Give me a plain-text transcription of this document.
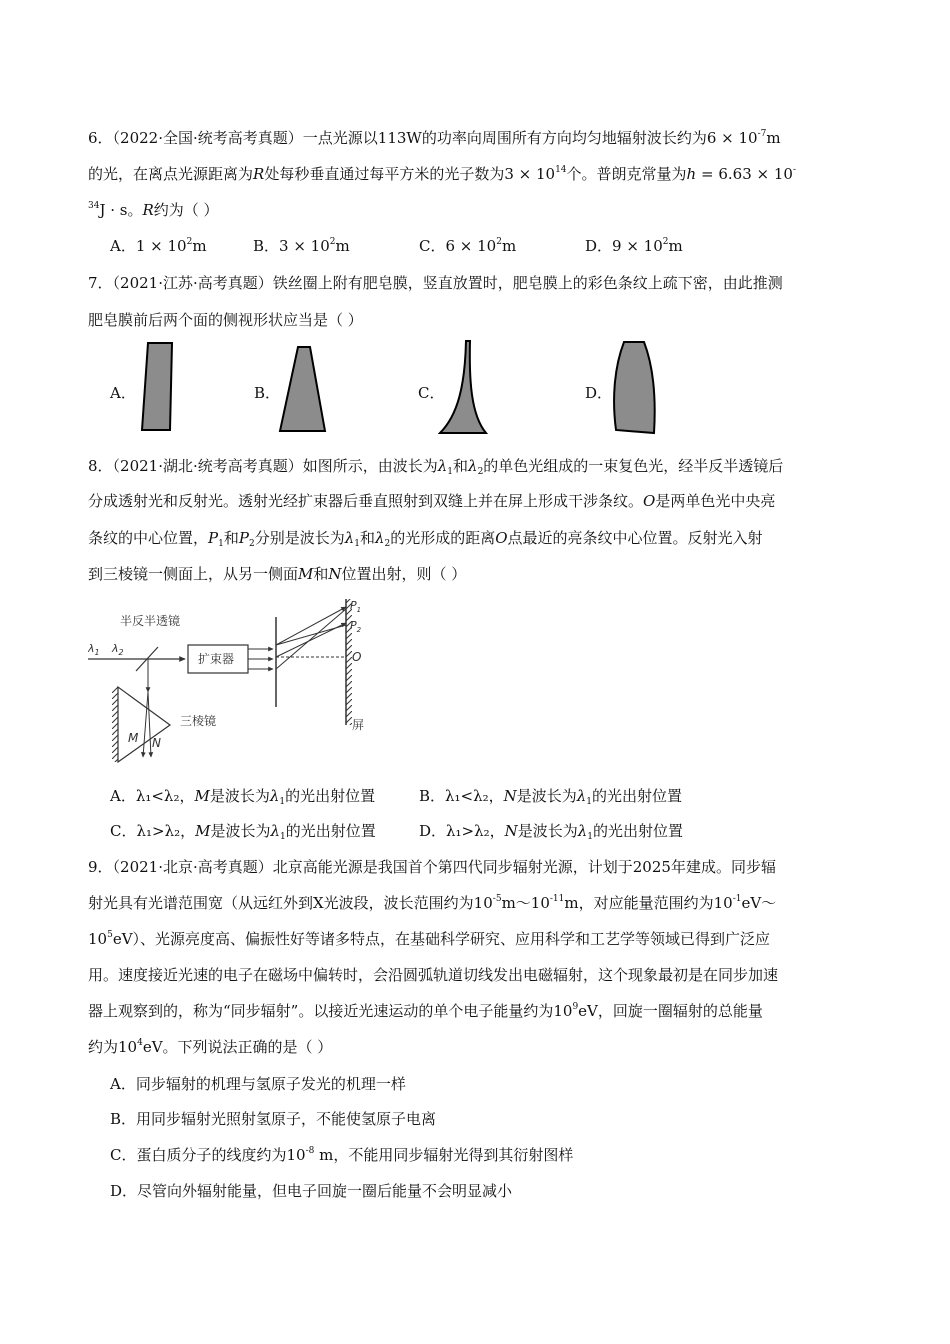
6．（2022·全国·统考高考真题）一点光源以113W的功率向周围所有方向均匀地辐射波长约为$6 \times 10^{-7}m$
的光，在离点光源距离为R处每秒垂直通过每平方米的光子数为$3 \times 10^{14}$个。普朗克常量为h = 6.63 × 10-
$^{34}$J · s。R约为（ ）
A．$1 \times 10^2m$	B．$3 \times 10^2m$	C．$6 \times 10^2m$	D．$9 \times 10^2m$
7．（2021·江苏·高考真题）铁丝圈上附有肥皂膜，竖直放置时，肥皂膜上的彩色条纹上疏下密，由此推测
肥皂膜前后两个面的侧视形状应当是（ ）
A．	B．	C．	D．
8．（2021·湖北·统考高考真题）如图所示，由波长为$\lambda_1$和$\lambda_2$的单色光组成的一束复色光，经半反半透镜后
分成透射光和反射光。透射光经扩束器后垂直照射到双缝上并在屏上形成干涉条纹。O是两单色光中央亮
条纹的中心位置，$P_1$和$P_2$分别是波长为$\lambda_1$和$\lambda_2$的光形成的距离O点最近的亮条纹中心位置。反射光入射
到三棱镜一侧面上，从另一侧面M和N位置出射，则（ ）
半反半透镜
$\lambda_1$ $\lambda_2$	扩束器
屏
$P_1$
$P_2$
O
三棱镜
M N
A．λ₁<λ₂，M是波长为$\lambda_1$的光出射位置	B．λ₁<λ₂，N是波长为$\lambda_1$的光出射位置
C．λ₁>λ₂，M是波长为$\lambda_1$的光出射位置	D．λ₁>λ₂，N是波长为$\lambda_1$的光出射位置
9．（2021·北京·高考真题）北京高能光源是我国首个第四代同步辐射光源，计划于2025年建成。同步辐
射光具有光谱范围宽（从远红外到X光波段，波长范围约为$10^{-5}m\sim 10^{-11}m$，对应能量范围约为$10^{-1}eV\sim$
$10^5eV$）、光源亮度高、偏振性好等诸多特点，在基础科学研究、应用科学和工艺学等领域已得到广泛应
用。速度接近光速的电子在磁场中偏转时，会沿圆弧轨道切线发出电磁辐射，这个现象最初是在同步加速
器上观察到的，称为“同步辐射”。以接近光速运动的单个电子能量约为$10^9eV$，回旋一圈辐射的总能量
约为$10^4eV$。下列说法正确的是（ ）
A．同步辐射的机理与氢原子发光的机理一样
B．用同步辐射光照射氢原子，不能使氢原子电离
C．蛋白质分子的线度约为$10^{-8}$ m，不能用同步辐射光得到其衍射图样
D．尽管向外辐射能量，但电子回旋一圈后能量不会明显减小
